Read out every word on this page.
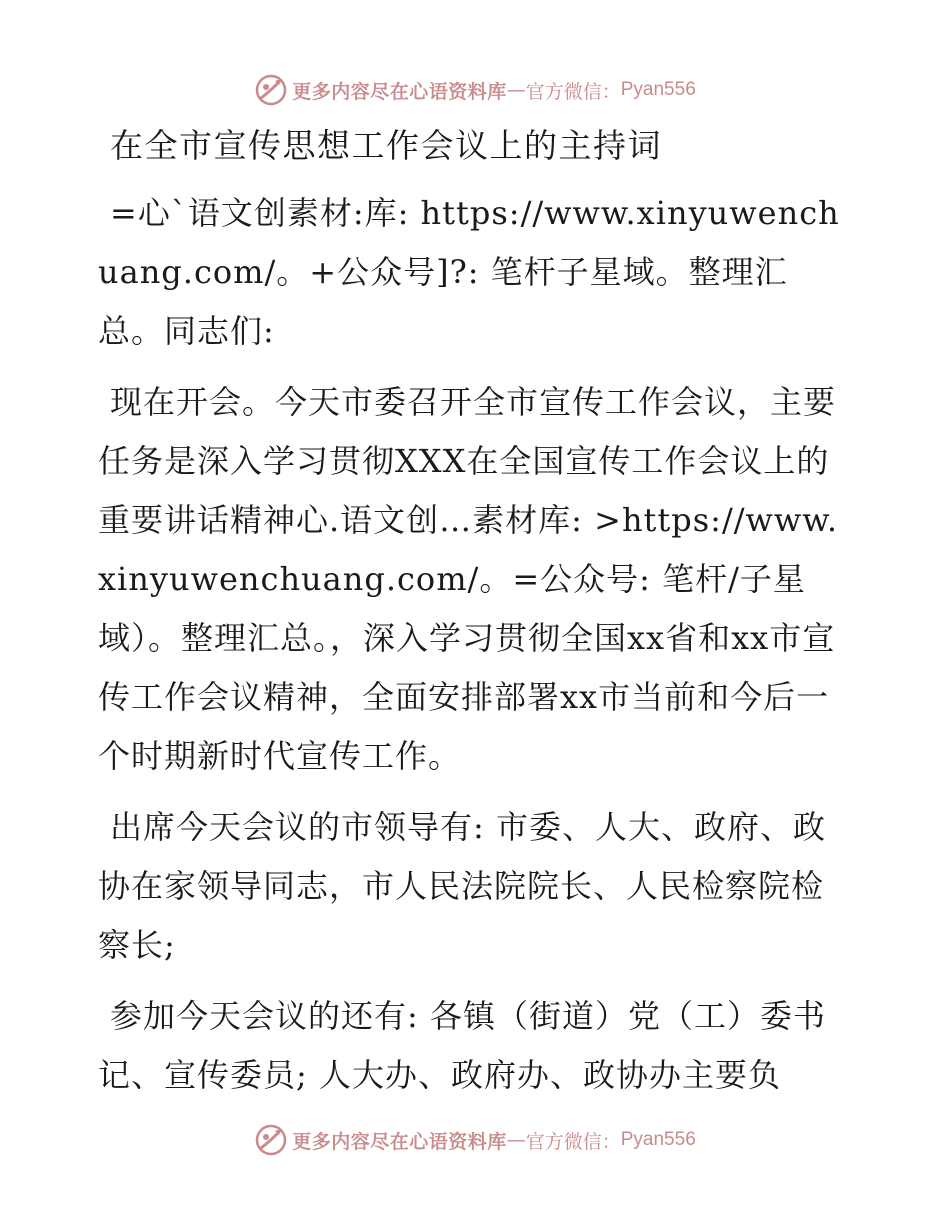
更多内容尽在心语资料库 — 官方微信： Pyan556
在全市宣传思想工作会议上的主持词

=心`语文创素材:库: https://www.xinyuwenchuang.com/。+公众号]?: 笔杆子星域。整理汇总。同志们:

现在开会。今天市委召开全市宣传工作会议，主要任务是深入学习贯彻XXX在全国宣传工作会议上的重要讲话精神心.语文创…素材库: >https://www.xinyuwenchuang.com/。=公众号: 笔杆/子星域）。整理汇总。，深入学习贯彻全国xx省和xx市宣传工作会议精神，全面安排部署xx市当前和今后一个时期新时代宣传工作。

出席今天会议的市领导有: 市委、人大、政府、政协在家领导同志，市人民法院院长、人民检察院检察长;

参加今天会议的还有: 各镇（街道）党（工）委书记、宣传委员; 人大办、政府办、政协办主要负

更多内容尽在心语资料库 — 官方微信： Pyan556
